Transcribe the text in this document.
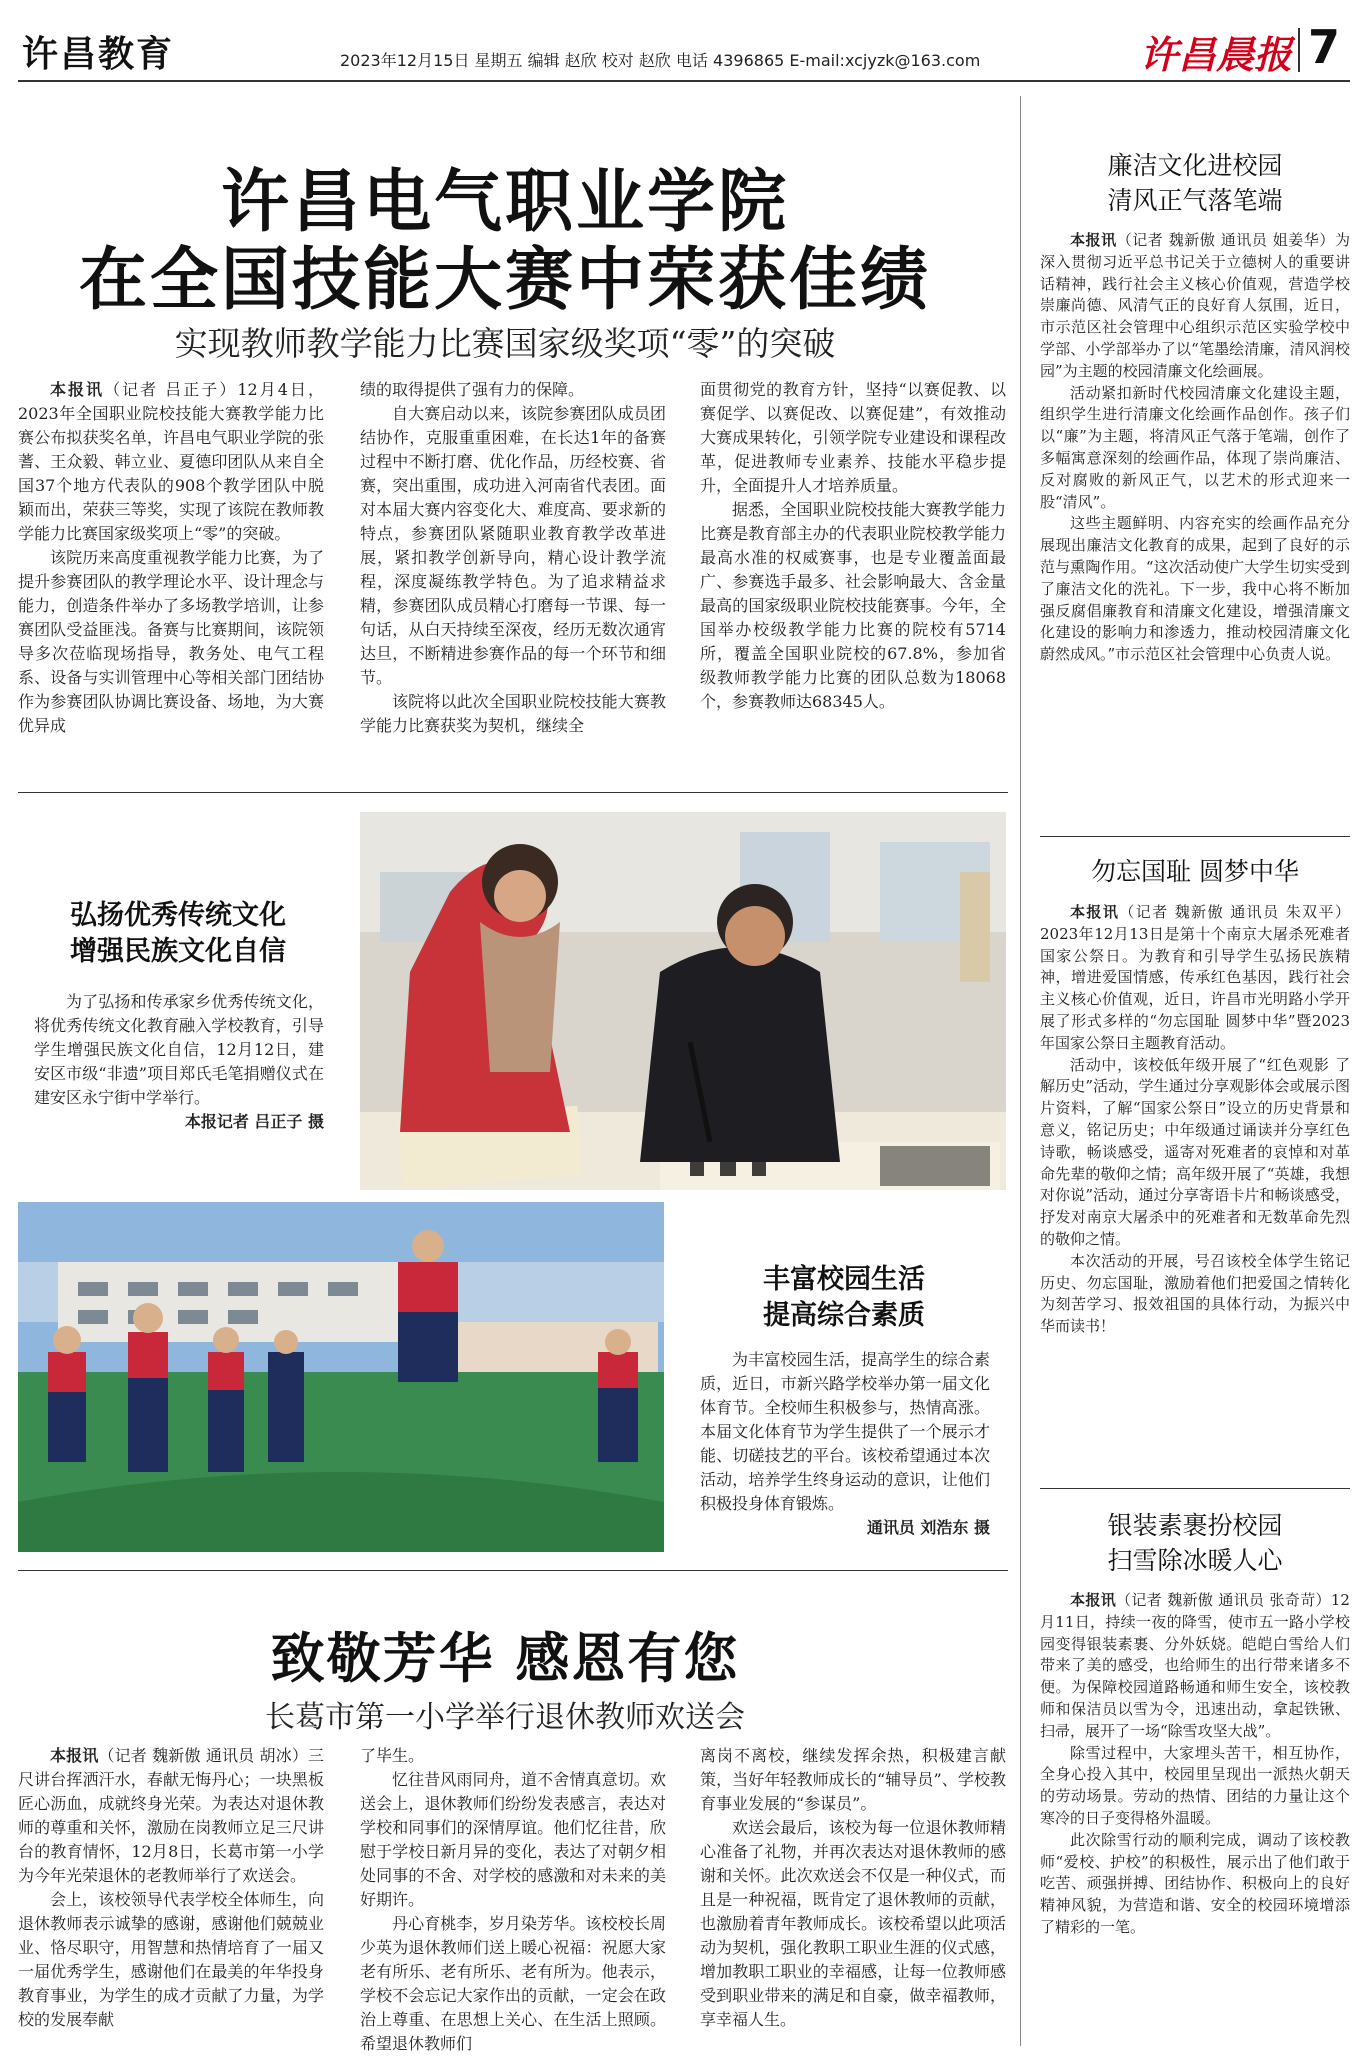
许昌教育	2023年12月15日 星期五 编辑 赵欣 校对 赵欣 电话 4396865 E-mail:xcjyzk@163.com	许昌晨报 7
许昌电气职业学院
在全国技能大赛中荣获佳绩
实现教师教学能力比赛国家级奖项“零”的突破

本报讯（记者 吕正子）12月4日，2023年全国职业院校技能大赛教学能力比赛公布拟获奖名单，许昌电气职业学院的张蓍、王众毅、韩立业、夏德印团队从来自全国37个地方代表队的908个教学团队中脱颖而出，荣获三等奖，实现了该院在教师教学能力比赛国家级奖项上“零”的突破。

该院历来高度重视教学能力比赛，为了提升参赛团队的教学理论水平、设计理念与能力，创造条件举办了多场教学培训，让参赛团队受益匪浅。备赛与比赛期间，该院领导多次莅临现场指导，教务处、电气工程系、设备与实训管理中心等相关部门团结协作为参赛团队协调比赛设备、场地，为大赛优异成

绩的取得提供了强有力的保障。

自大赛启动以来，该院参赛团队成员团结协作，克服重重困难，在长达1年的备赛过程中不断打磨、优化作品，历经校赛、省赛，突出重围，成功进入河南省代表团。面对本届大赛内容变化大、难度高、要求新的特点，参赛团队紧随职业教育教学改革进展，紧扣教学创新导向，精心设计教学流程，深度凝练教学特色。为了追求精益求精，参赛团队成员精心打磨每一节课、每一句话，从白天持续至深夜，经历无数次通宵达旦，不断精进参赛作品的每一个环节和细节。

该院将以此次全国职业院校技能大赛教学能力比赛获奖为契机，继续全

面贯彻党的教育方针，坚持“以赛促教、以赛促学、以赛促改、以赛促建”，有效推动大赛成果转化，引领学院专业建设和课程改革，促进教师专业素养、技能水平稳步提升，全面提升人才培养质量。

据悉，全国职业院校技能大赛教学能力比赛是教育部主办的代表职业院校教学能力最高水准的权威赛事，也是专业覆盖面最广、参赛选手最多、社会影响最大、含金量最高的国家级职业院校技能赛事。今年，全国举办校级教学能力比赛的院校有5714所，覆盖全国职业院校的67.8%，参加省级教师教学能力比赛的团队总数为18068个，参赛教师达68345人。

弘扬优秀传统文化
增强民族文化自信

为了弘扬和传承家乡优秀传统文化，将优秀传统文化教育融入学校教育，引导学生增强民族文化自信，12月12日，建安区市级“非遗”项目郑氏毛笔捐赠仪式在建安区永宁街中学举行。

本报记者 吕正子 摄
丰富校园生活
提高综合素质

为丰富校园生活，提高学生的综合素质，近日，市新兴路学校举办第一届文化体育节。全校师生积极参与，热情高涨。本届文化体育节为学生提供了一个展示才能、切磋技艺的平台。该校希望通过本次活动，培养学生终身运动的意识，让他们积极投身体育锻炼。

通讯员 刘浩东 摄
致敬芳华 感恩有您
长葛市第一小学举行退休教师欢送会

本报讯（记者 魏新傲 通讯员 胡冰）三尺讲台挥洒汗水，春献无悔丹心；一块黑板匠心沥血，成就终身光荣。为表达对退休教师的尊重和关怀，激励在岗教师立足三尺讲台的教育情怀，12月8日，长葛市第一小学为今年光荣退休的老教师举行了欢送会。

会上，该校领导代表学校全体师生，向退休教师表示诚挚的感谢，感谢他们兢兢业业、恪尽职守，用智慧和热情培育了一届又一届优秀学生，感谢他们在最美的年华投身教育事业，为学生的成才贡献了力量，为学校的发展奉献

了毕生。

忆往昔风雨同舟，道不舍情真意切。欢送会上，退休教师们纷纷发表感言，表达对学校和同事们的深情厚谊。他们忆往昔，欣慰于学校日新月异的变化，表达了对朝夕相处同事的不舍、对学校的感激和对未来的美好期许。

丹心育桃李，岁月染芳华。该校校长周少英为退休教师们送上暖心祝福：祝愿大家老有所乐、老有所乐、老有所为。他表示，学校不会忘记大家作出的贡献，一定会在政治上尊重、在思想上关心、在生活上照顾。希望退休教师们

离岗不离校，继续发挥余热，积极建言献策，当好年轻教师成长的“辅导员”、学校教育事业发展的“参谋员”。

欢送会最后，该校为每一位退休教师精心准备了礼物，并再次表达对退休教师的感谢和关怀。此次欢送会不仅是一种仪式，而且是一种祝福，既肯定了退休教师的贡献，也激励着青年教师成长。该校希望以此项活动为契机，强化教职工职业生涯的仪式感，增加教职工职业的幸福感，让每一位教师感受到职业带来的满足和自豪，做幸福教师，享幸福人生。

廉洁文化进校园
清风正气落笔端

本报讯（记者 魏新傲 通讯员 姐姜华）为深入贯彻习近平总书记关于立德树人的重要讲话精神，践行社会主义核心价值观，营造学校崇廉尚德、风清气正的良好育人氛围，近日，市示范区社会管理中心组织示范区实验学校中学部、小学部举办了以“笔墨绘清廉，清风润校园”为主题的校园清廉文化绘画展。

活动紧扣新时代校园清廉文化建设主题，组织学生进行清廉文化绘画作品创作。孩子们以“廉”为主题，将清风正气落于笔端，创作了多幅寓意深刻的绘画作品，体现了崇尚廉洁、反对腐败的新风正气，以艺术的形式迎来一股“清风”。

这些主题鲜明、内容充实的绘画作品充分展现出廉洁文化教育的成果，起到了良好的示范与熏陶作用。“这次活动使广大学生切实受到了廉洁文化的洗礼。下一步，我中心将不断加强反腐倡廉教育和清廉文化建设，增强清廉文化建设的影响力和渗透力，推动校园清廉文化蔚然成风。”市示范区社会管理中心负责人说。

勿忘国耻 圆梦中华

本报讯（记者 魏新傲 通讯员 朱双平）2023年12月13日是第十个南京大屠杀死难者国家公祭日。为教育和引导学生弘扬民族精神，增进爱国情感，传承红色基因，践行社会主义核心价值观，近日，许昌市光明路小学开展了形式多样的“勿忘国耻 圆梦中华”暨2023年国家公祭日主题教育活动。

活动中，该校低年级开展了“红色观影 了解历史”活动，学生通过分享观影体会或展示图片资料，了解“国家公祭日”设立的历史背景和意义，铭记历史；中年级通过诵读并分享红色诗歌，畅谈感受，遥寄对死难者的哀悼和对革命先辈的敬仰之情；高年级开展了“英雄，我想对你说”活动，通过分享寄语卡片和畅谈感受，抒发对南京大屠杀中的死难者和无数革命先烈的敬仰之情。

本次活动的开展，号召该校全体学生铭记历史、勿忘国耻，激励着他们把爱国之情转化为刻苦学习、报效祖国的具体行动，为振兴中华而读书！

银装素裹扮校园
扫雪除冰暖人心

本报讯（记者 魏新傲 通讯员 张奇苛）12月11日，持续一夜的降雪，使市五一路小学校园变得银装素裹、分外妖娆。皑皑白雪给人们带来了美的感受，也给师生的出行带来诸多不便。为保障校园道路畅通和师生安全，该校教师和保洁员以雪为令，迅速出动，拿起铁锹、扫帚，展开了一场“除雪攻坚大战”。

除雪过程中，大家埋头苦干，相互协作，全身心投入其中，校园里呈现出一派热火朝天的劳动场景。劳动的热情、团结的力量让这个寒冷的日子变得格外温暖。

此次除雪行动的顺利完成，调动了该校教师“爱校、护校”的积极性，展示出了他们敢于吃苦、顽强拼搏、团结协作、积极向上的良好精神风貌，为营造和谐、安全的校园环境增添了精彩的一笔。
